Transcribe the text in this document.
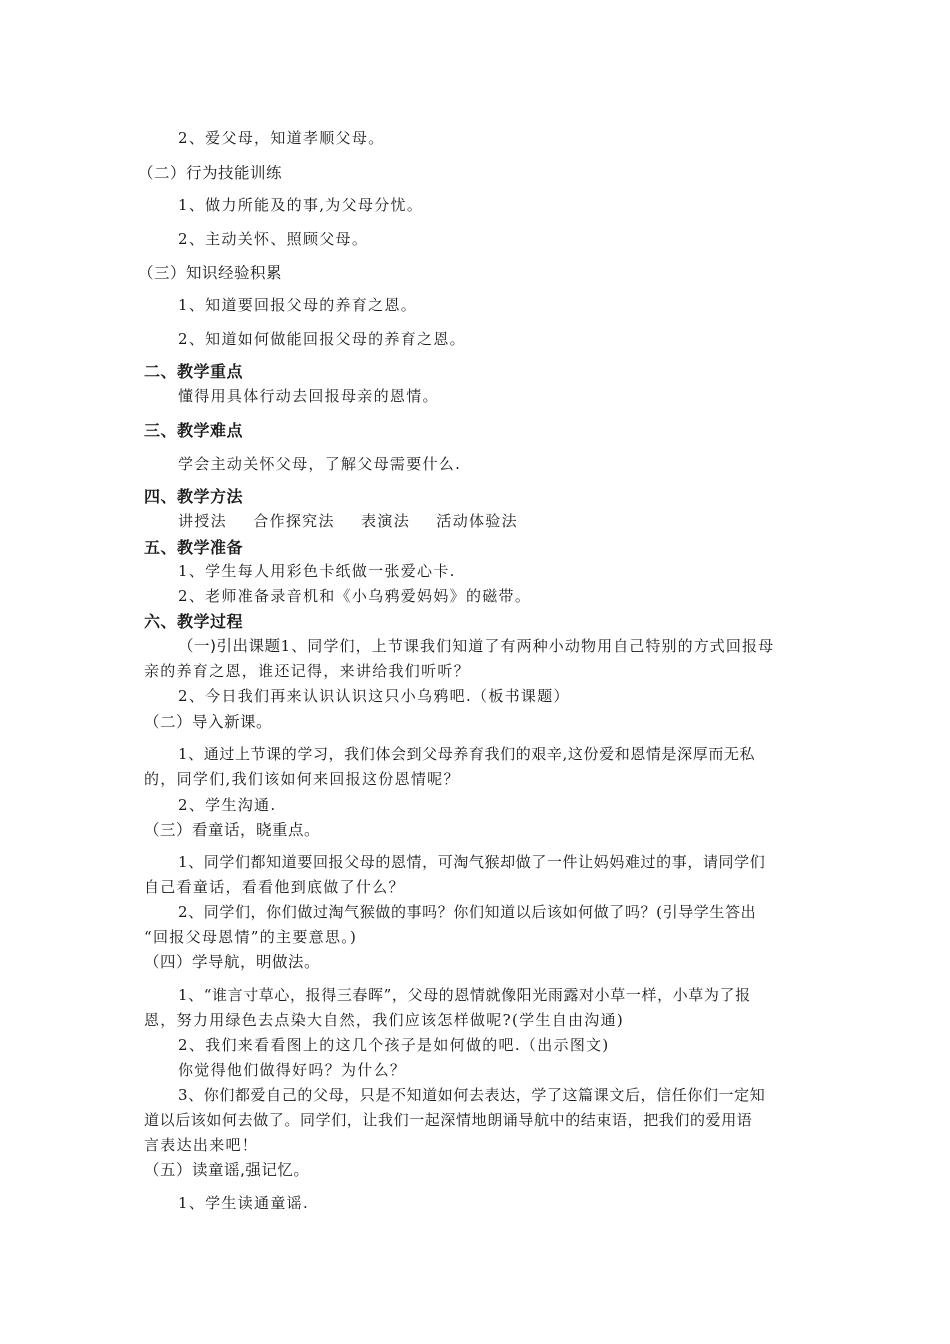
2、爱父母，知道孝顺父母。
（二）行为技能训练
1、做力所能及的事,为父母分忧。
2、主动关怀、照顾父母。
（三）知识经验积累
1、知道要回报父母的养育之恩。
2、知道如何做能回报父母的养育之恩。
二、教学重点
懂得用具体行动去回报母亲的恩情。
三、教学难点
学会主动关怀父母，了解父母需要什么.
四、教学方法
讲授法　 合作探究法　 表演法　 活动体验法
五、教学准备
1、学生每人用彩色卡纸做一张爱心卡.
2、老师准备录音机和《小乌鸦爱妈妈》的磁带。
六、教学过程
（一)引出课题1、同学们，上节课我们知道了有两种小动物用自己特别的方式回报母
亲的养育之恩，谁还记得，来讲给我们听听？
2、今日我们再来认识认识这只小乌鸦吧.（板书课题）
（二）导入新课。
1、通过上节课的学习，我们体会到父母养育我们的艰辛,这份爱和恩情是深厚而无私
的，同学们,我们该如何来回报这份恩情呢？
2、学生沟通.
（三）看童话，晓重点。
1、同学们都知道要回报父母的恩情，可淘气猴却做了一件让妈妈难过的事，请同学们
自己看童话，看看他到底做了什么？
2、同学们，你们做过淘气猴做的事吗？你们知道以后该如何做了吗？(引导学生答出
“回报父母恩情”的主要意思。)
（四）学导航，明做法。
1、“谁言寸草心，报得三春晖”，父母的恩情就像阳光雨露对小草一样，小草为了报
恩，努力用绿色去点染大自然，我们应该怎样做呢?(学生自由沟通)
2、我们来看看图上的这几个孩子是如何做的吧.（出示图文)
你觉得他们做得好吗？为什么？
3、你们都爱自己的父母，只是不知道如何去表达，学了这篇课文后，信任你们一定知
道以后该如何去做了。同学们，让我们一起深情地朗诵导航中的结束语，把我们的爱用语
言表达出来吧！
（五）读童谣,强记忆。
1、学生读通童谣.
